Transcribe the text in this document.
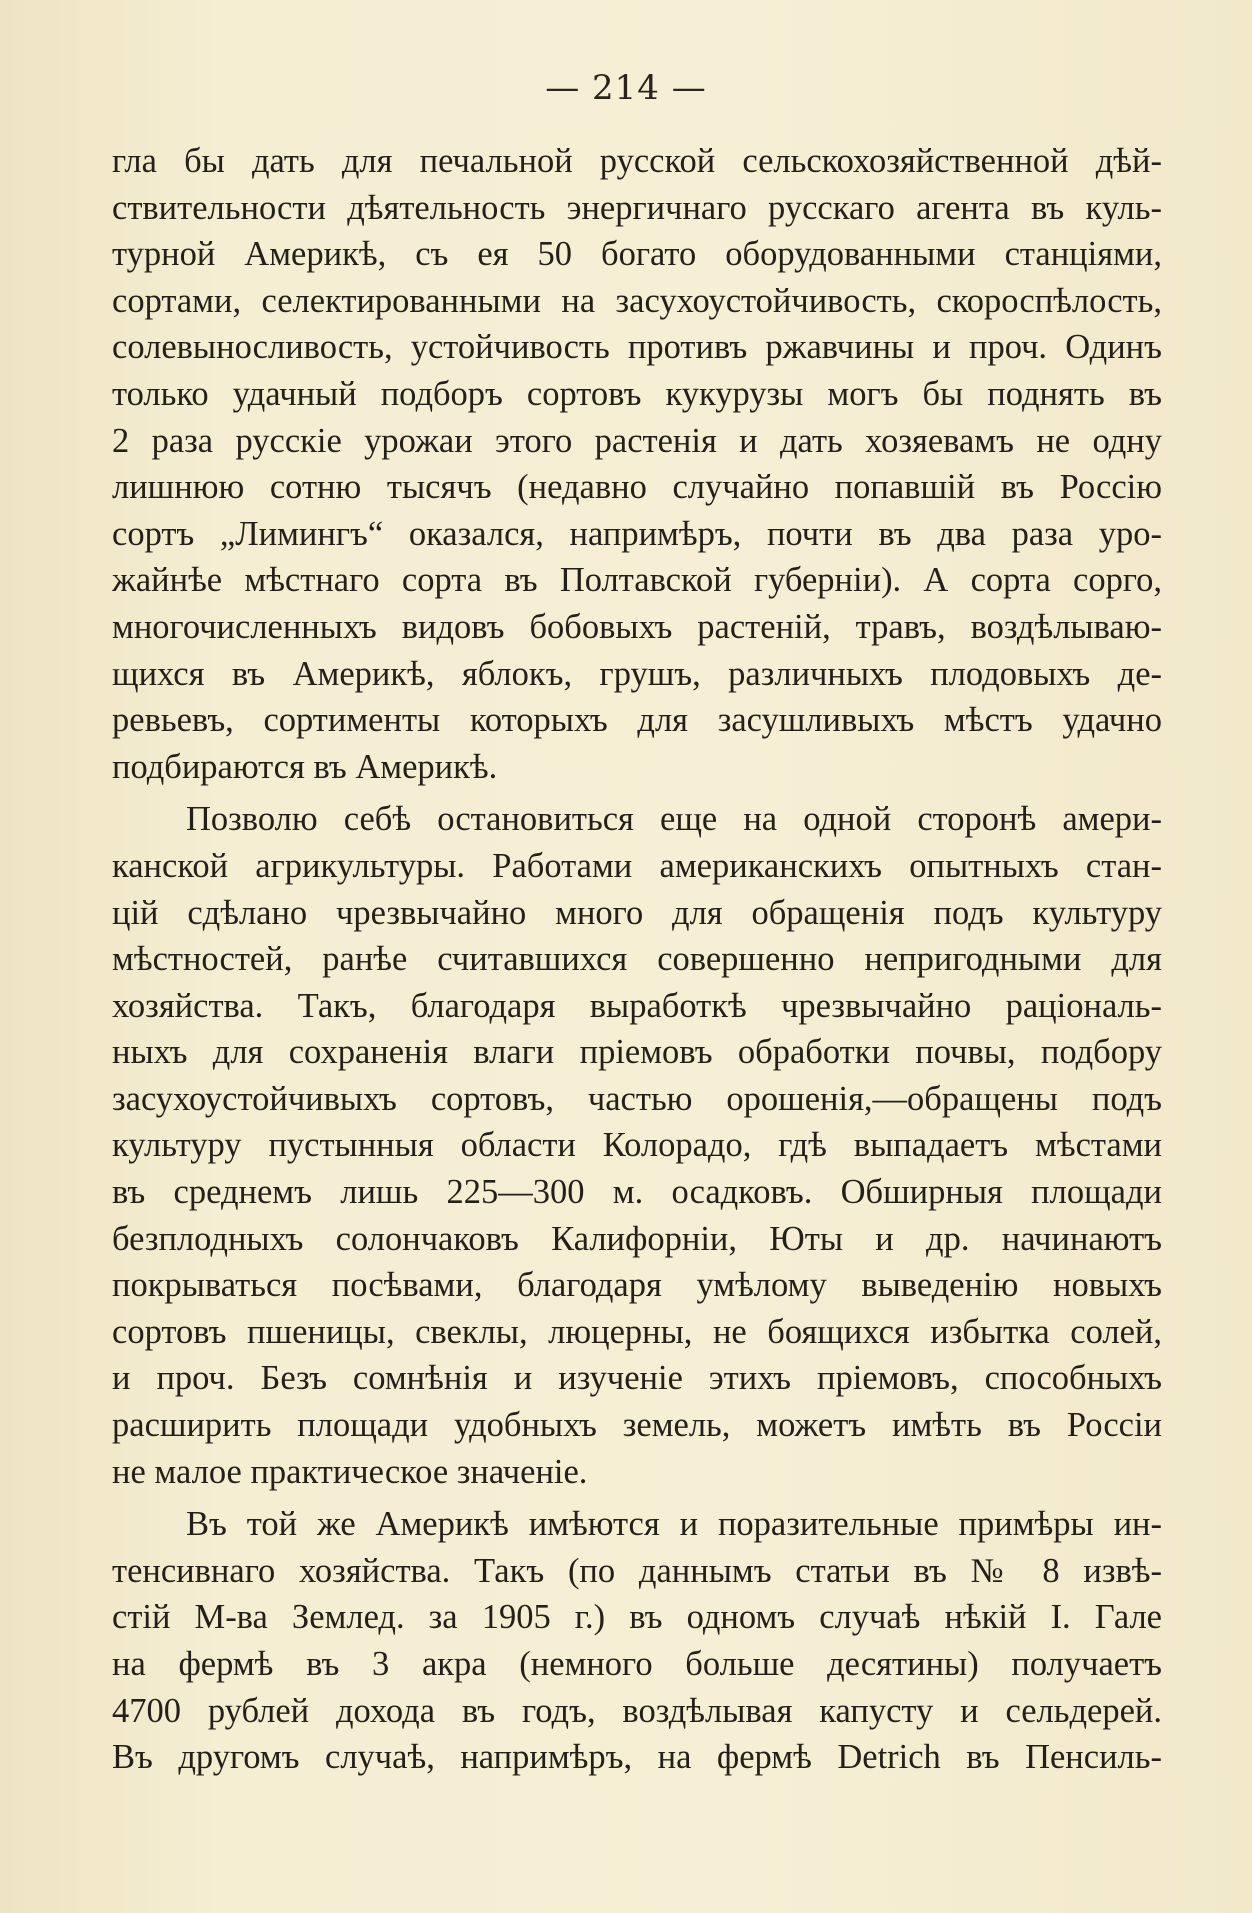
— 214 —
гла бы дать для печальной русской сельскохозяйственной дѣй-
ствительности дѣятельность энергичнаго русскаго агента въ куль-
турной Америкѣ, съ ея 50 богато оборудованными станціями,
сортами, селектированными на засухоустойчивость, скороспѣлость,
солевыносливость, устойчивость противъ ржавчины и проч. Одинъ
только удачный подборъ сортовъ кукурузы могъ бы поднять въ
2 раза русскіе урожаи этого растенія и дать хозяевамъ не одну
лишнюю сотню тысячъ (недавно случайно попавшій въ Россію
сортъ „Лимингъ“ оказался, напримѣръ, почти въ два раза уро-
жайнѣе мѣстнаго сорта въ Полтавской губерніи). А сорта сорго,
многочисленныхъ видовъ бобовыхъ растеній, травъ, воздѣлываю-
щихся въ Америкѣ, яблокъ, грушъ, различныхъ плодовыхъ де-
ревьевъ, сортименты которыхъ для засушливыхъ мѣстъ удачно
подбираются въ Америкѣ.
Позволю себѣ остановиться еще на одной сторонѣ амери-
канской агрикультуры. Работами американскихъ опытныхъ стан-
цій сдѣлано чрезвычайно много для обращенія подъ культуру
мѣстностей, ранѣе считавшихся совершенно непригодными для
хозяйства. Такъ, благодаря выработкѣ чрезвычайно раціональ-
ныхъ для сохраненія влаги пріемовъ обработки почвы, подбору
засухоустойчивыхъ сортовъ, частью орошенія,—обращены подъ
культуру пустынныя области Колорадо, гдѣ выпадаетъ мѣстами
въ среднемъ лишь 225—300 м. осадковъ. Обширныя площади
безплодныхъ солончаковъ Калифорніи, Юты и др. начинаютъ
покрываться посѣвами, благодаря умѣлому выведенію новыхъ
сортовъ пшеницы, свеклы, люцерны, не боящихся избытка солей,
и проч. Безъ сомнѣнія и изученіе этихъ пріемовъ, способныхъ
расширить площади удобныхъ земель, можетъ имѣть въ Россіи
не малое практическое значеніе.
Въ той же Америкѣ имѣются и поразительные примѣры ин-
тенсивнаго хозяйства. Такъ (по даннымъ статьи въ № 8 извѣ-
стій М-ва Землед. за 1905 г.) въ одномъ случаѣ нѣкій І. Гале
на фермѣ въ 3 акра (немного больше десятины) получаетъ
4700 рублей дохода въ годъ, воздѣлывая капусту и сельдерей.
Въ другомъ случаѣ, напримѣръ, на фермѣ Detrich въ Пенсиль-
